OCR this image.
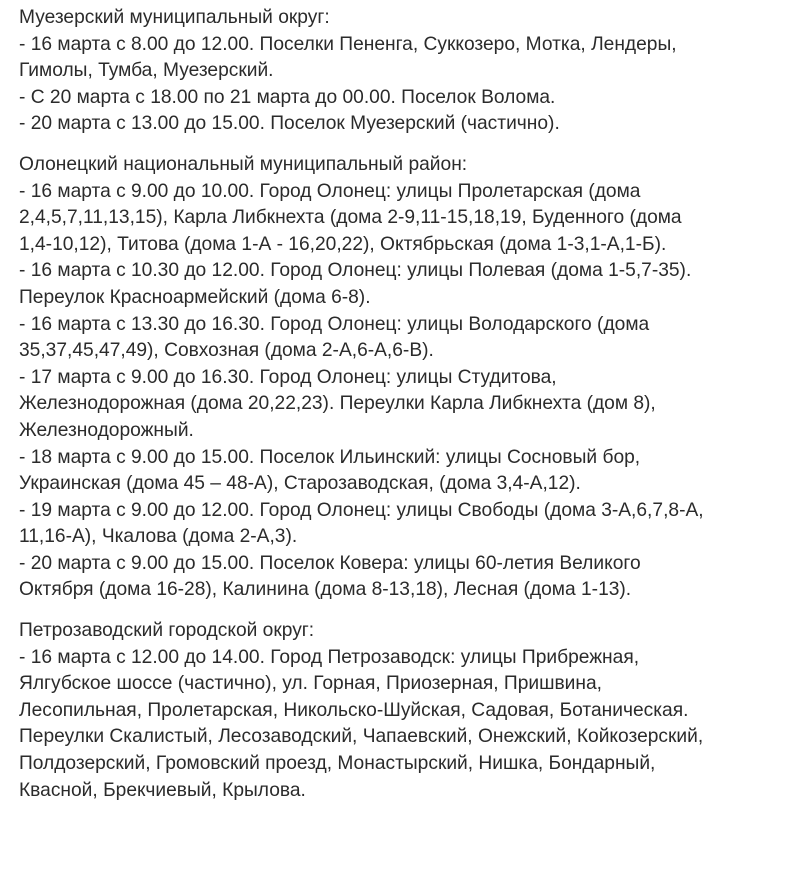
Муезерский муниципальный округ:

- 16 марта с 8.00 до 12.00. Поселки Пененга, Суккозеро, Мотка, Лендеры,

Гимолы, Тумба, Муезерский.

- С 20 марта с 18.00 по 21 марта до 00.00. Поселок Волома.

- 20 марта с 13.00 до 15.00. Поселок Муезерский (частично).

Олонецкий национальный муниципальный район:

- 16 марта с 9.00 до 10.00. Город Олонец: улицы Пролетарская (дома

2,4,5,7,11,13,15), Карла Либкнехта (дома 2-9,11-15,18,19, Буденного (дома

1,4-10,12), Титова (дома 1-А - 16,20,22), Октябрьская (дома 1-3,1-А,1-Б).

- 16 марта с 10.30 до 12.00. Город Олонец: улицы Полевая (дома 1-5,7-35).

Переулок Красноармейский (дома 6-8).

- 16 марта с 13.30 до 16.30. Город Олонец: улицы Володарского (дома

35,37,45,47,49), Совхозная (дома 2-А,6-А,6-В).

- 17 марта с 9.00 до 16.30. Город Олонец: улицы Студитова,

Железнодорожная (дома 20,22,23). Переулки Карла Либкнехта (дом 8),

Железнодорожный.

- 18 марта с 9.00 до 15.00. Поселок Ильинский: улицы Сосновый бор,

Украинская (дома 45 – 48-А), Старозаводская, (дома 3,4-А,12).

- 19 марта с 9.00 до 12.00. Город Олонец: улицы Свободы (дома 3-А,6,7,8-А,

11,16-А), Чкалова (дома 2-А,3).

- 20 марта с 9.00 до 15.00. Поселок Ковера: улицы 60-летия Великого

Октября (дома 16-28), Калинина (дома 8-13,18), Лесная (дома 1-13).

Петрозаводский городской округ:

- 16 марта с 12.00 до 14.00. Город Петрозаводск: улицы Прибрежная,

Ялгубское шоссе (частично), ул. Горная, Приозерная, Пришвина,

Лесопильная, Пролетарская, Никольско-Шуйская, Садовая, Ботаническая.

Переулки Скалистый, Лесозаводский, Чапаевский, Онежский, Койкозерский,

Полдозерский, Громовский проезд, Монастырский, Нишка, Бондарный,

Квасной, Брекчиевый, Крылова.
